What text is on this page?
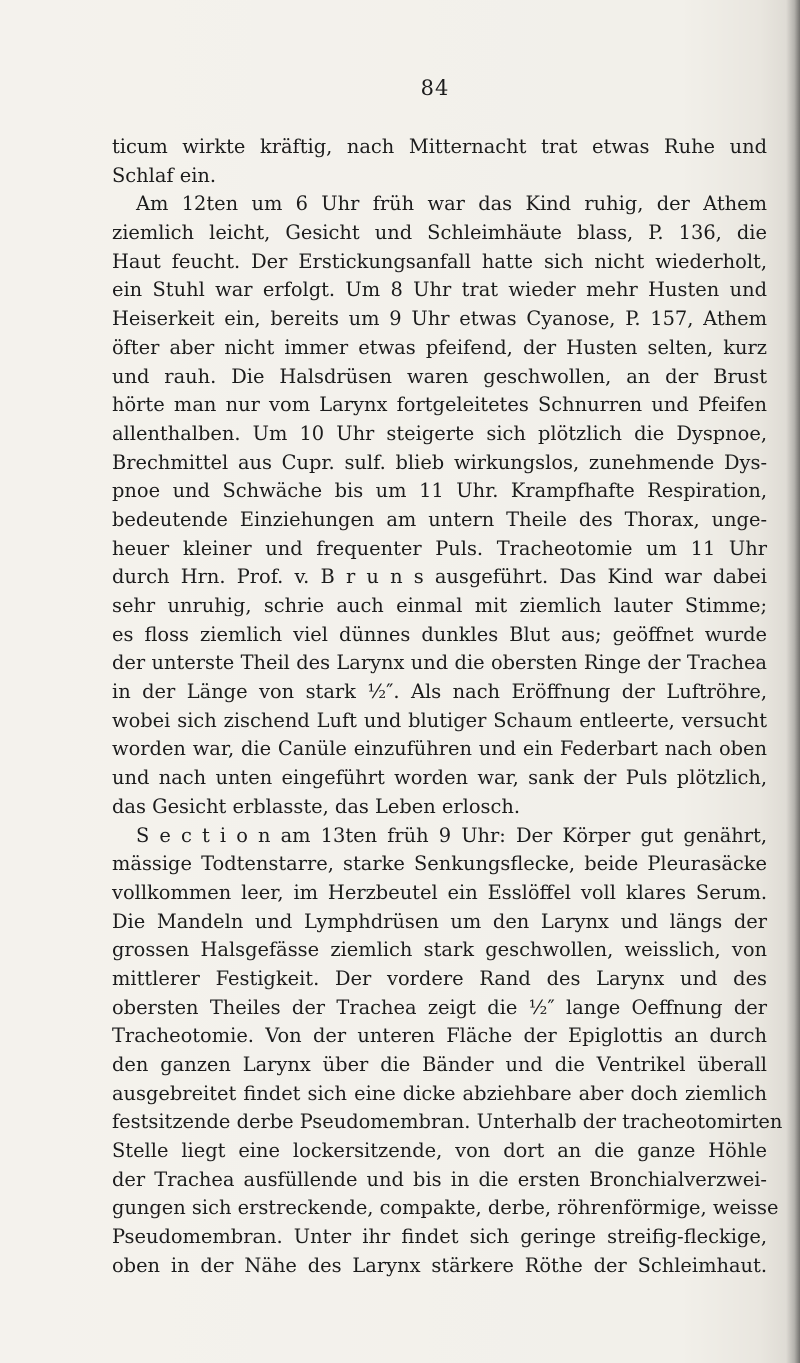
84
ticum wirkte kräftig, nach Mitternacht trat etwas Ruhe und
Schlaf ein.
Am 12ten um 6 Uhr früh war das Kind ruhig, der Athem
ziemlich leicht, Gesicht und Schleimhäute blass, P. 136, die
Haut feucht. Der Erstickungsanfall hatte sich nicht wiederholt,
ein Stuhl war erfolgt. Um 8 Uhr trat wieder mehr Husten und
Heiserkeit ein, bereits um 9 Uhr etwas Cyanose, P. 157, Athem
öfter aber nicht immer etwas pfeifend, der Husten selten, kurz
und rauh. Die Halsdrüsen waren geschwollen, an der Brust
hörte man nur vom Larynx fortgeleitetes Schnurren und Pfeifen
allenthalben. Um 10 Uhr steigerte sich plötzlich die Dyspnoe,
Brechmittel aus Cupr. sulf. blieb wirkungslos, zunehmende Dys-
pnoe und Schwäche bis um 11 Uhr. Krampfhafte Respiration,
bedeutende Einziehungen am untern Theile des Thorax, unge-
heuer kleiner und frequenter Puls. Tracheotomie um 11 Uhr
durch Hrn. Prof. v. B r u n s ausgeführt. Das Kind war dabei
sehr unruhig, schrie auch einmal mit ziemlich lauter Stimme;
es floss ziemlich viel dünnes dunkles Blut aus; geöffnet wurde
der unterste Theil des Larynx und die obersten Ringe der Trachea
in der Länge von stark ½″. Als nach Eröffnung der Luftröhre,
wobei sich zischend Luft und blutiger Schaum entleerte, versucht
worden war, die Canüle einzuführen und ein Federbart nach oben
und nach unten eingeführt worden war, sank der Puls plötzlich,
das Gesicht erblasste, das Leben erlosch.
S e c t i o n am 13ten früh 9 Uhr: Der Körper gut genährt,
mässige Todtenstarre, starke Senkungsflecke, beide Pleurasäcke
vollkommen leer, im Herzbeutel ein Esslöffel voll klares Serum.
Die Mandeln und Lymphdrüsen um den Larynx und längs der
grossen Halsgefässe ziemlich stark geschwollen, weisslich, von
mittlerer Festigkeit. Der vordere Rand des Larynx und des
obersten Theiles der Trachea zeigt die ½″ lange Oeffnung der
Tracheotomie. Von der unteren Fläche der Epiglottis an durch
den ganzen Larynx über die Bänder und die Ventrikel überall
ausgebreitet findet sich eine dicke abziehbare aber doch ziemlich
festsitzende derbe Pseudomembran. Unterhalb der tracheotomirten
Stelle liegt eine lockersitzende, von dort an die ganze Höhle
der Trachea ausfüllende und bis in die ersten Bronchialverzwei-
gungen sich erstreckende, compakte, derbe, röhrenförmige, weisse
Pseudomembran. Unter ihr findet sich geringe streifig-fleckige,
oben in der Nähe des Larynx stärkere Röthe der Schleimhaut.
